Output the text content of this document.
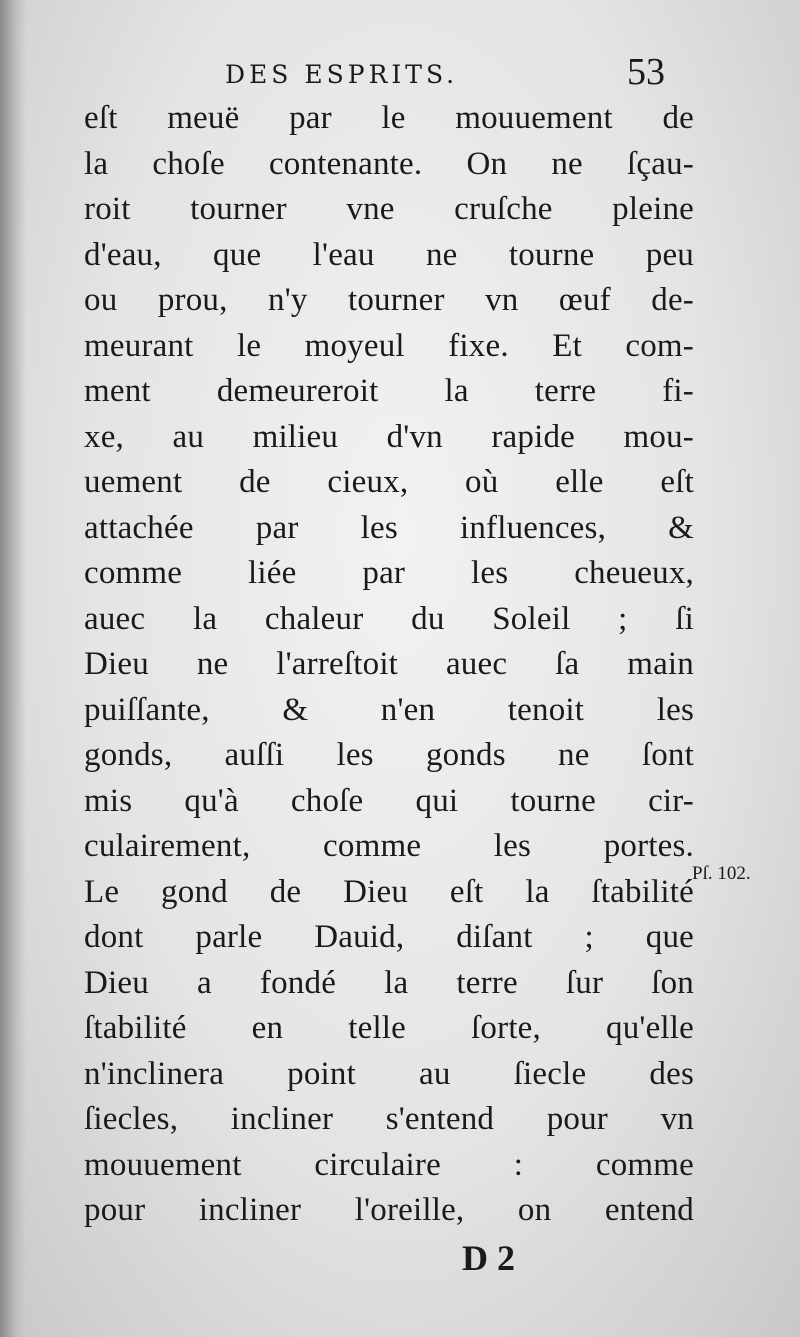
DES ESPRITS.	53
eſt meuë par le mouuement de
la choſe contenante. On ne ſçau-
roit tourner vne cruſche pleine
d'eau, que l'eau ne tourne peu
ou prou, n'y tourner vn œuf de-
meurant le moyeul fixe. Et com-
ment demeureroit la terre fi-
xe, au milieu d'vn rapide mou-
uement de cieux, où elle eſt
attachée par les influences, &
comme liée par les cheueux,
auec la chaleur du Soleil ; ſi
Dieu ne l'arreſtoit auec ſa main
puiſſante, & n'en tenoit les
gonds, auſſi les gonds ne ſont
mis qu'à choſe qui tourne cir-
culairement, comme les portes.
Le gond de Dieu eſt la ſtabilité
dont parle Dauid, diſant ; que
Dieu a fondé la terre ſur ſon
ſtabilité en telle ſorte, qu'elle
n'inclinera point au ſiecle des
ſiecles, incliner s'entend pour vn
mouuement circulaire : comme
pour incliner l'oreille, on entend
Pſ. 102.
D 2
